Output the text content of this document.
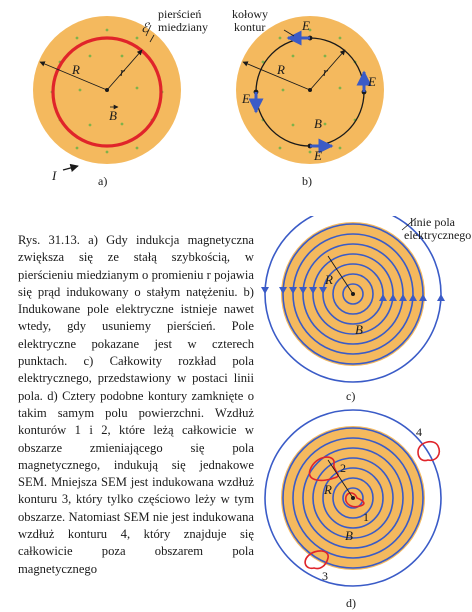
R	r
B
I
ℰ
pierścień
miedziany
a)
R	r
B
E
E
E
E
kołowy
kontur
b)
Rys. 31.13. a) Gdy indukcja magnetyczna zwiększa się ze stałą szybkością, w pierścieniu miedzianym o promieniu r pojawia się prąd indukowany o stałym natężeniu. b) Indukowane pole elektryczne istnieje nawet wtedy, gdy usuniemy pierścień. Pole elektryczne pokazane jest w czterech punktach. c) Całkowity rozkład pola elektrycznego, przedstawiony w postaci linii pola. d) Cztery podobne kontury zamknięte o takim samym polu powierzchni. Wzdłuż konturów 1 i 2, które leżą całkowicie w obszarze zmieniającego się pola magnetycznego, indukują się jednakowe SEM. Mniejsza SEM jest indukowana wzdłuż konturu 3, który tylko częściowo leży w tym obszarze. Natomiast SEM nie jest indukowana wzdłuż konturu 4, który znajduje się całkowicie poza obszarem pola magnetycznego
R
B
linie pola
elektrycznego
c)
R
B
1
2
3
4
d)
